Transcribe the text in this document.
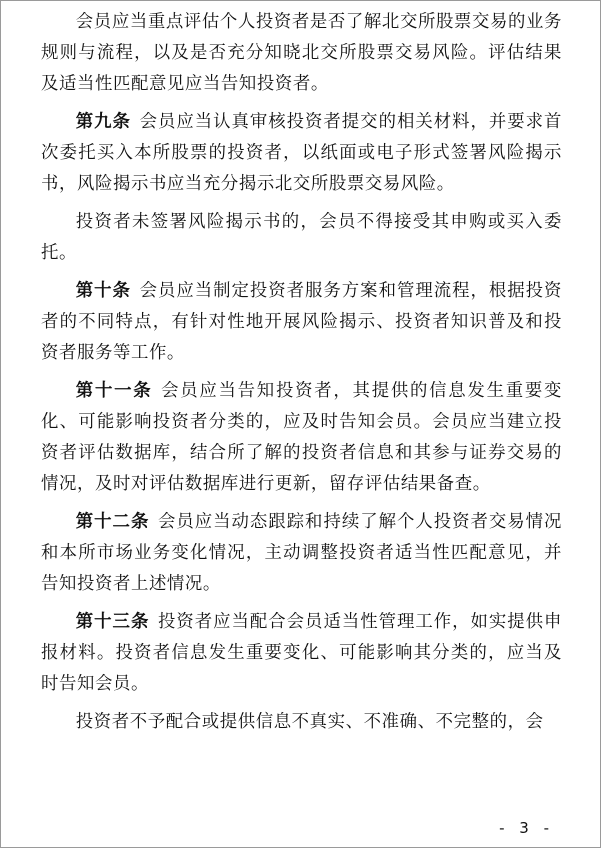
会员应当重点评估个人投资者是否了解北交所股票交易的业务规则与流程，以及是否充分知晓北交所股票交易风险。评估结果及适当性匹配意见应当告知投资者。

第九条 会员应当认真审核投资者提交的相关材料，并要求首次委托买入本所股票的投资者，以纸面或电子形式签署风险揭示书，风险揭示书应当充分揭示北交所股票交易风险。

投资者未签署风险揭示书的，会员不得接受其申购或买入委托。

第十条 会员应当制定投资者服务方案和管理流程，根据投资者的不同特点，有针对性地开展风险揭示、投资者知识普及和投资者服务等工作。

第十一条 会员应当告知投资者，其提供的信息发生重要变化、可能影响投资者分类的，应及时告知会员。会员应当建立投资者评估数据库，结合所了解的投资者信息和其参与证券交易的情况，及时对评估数据库进行更新，留存评估结果备查。

第十二条 会员应当动态跟踪和持续了解个人投资者交易情况和本所市场业务变化情况，主动调整投资者适当性匹配意见，并告知投资者上述情况。

第十三条 投资者应当配合会员适当性管理工作，如实提供申报材料。投资者信息发生重要变化、可能影响其分类的，应当及时告知会员。

投资者不予配合或提供信息不真实、不准确、不完整的，会

- 3 -
